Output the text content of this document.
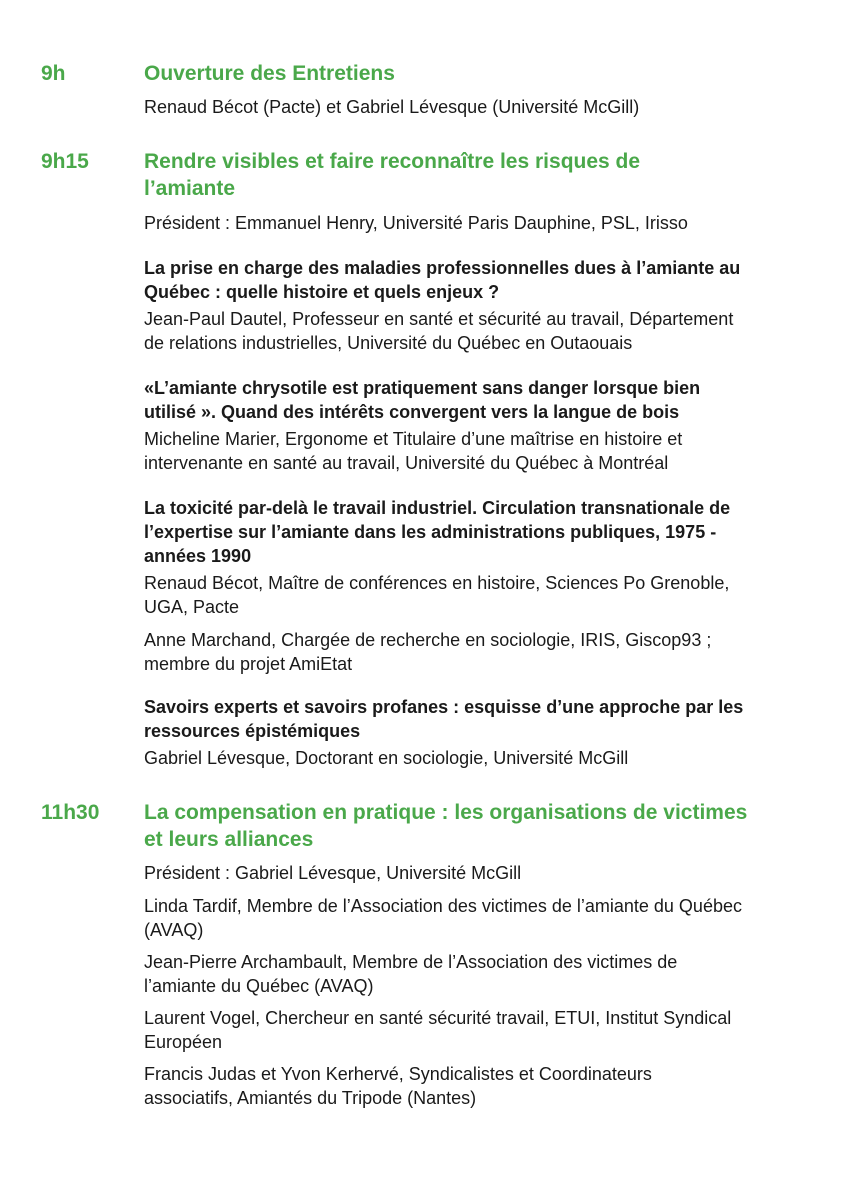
9h	Ouverture des Entretiens
Renaud Bécot (Pacte) et Gabriel Lévesque (Université McGill)
9h15	Rendre visibles et faire reconnaître les risques de
l’amiante
Président : Emmanuel Henry, Université Paris Dauphine, PSL, Irisso
La prise en charge des maladies professionnelles dues à l’amiante au
Québec : quelle histoire et quels enjeux ?
Jean-Paul Dautel, Professeur en santé et sécurité au travail, Département
de relations industrielles, Université du Québec en Outaouais
«L’amiante chrysotile est pratiquement sans danger lorsque bien
utilisé ». Quand des intérêts convergent vers la langue de bois
Micheline Marier, Ergonome et Titulaire d’une maîtrise en histoire et
intervenante en santé au travail, Université du Québec à Montréal
La toxicité par-delà le travail industriel. Circulation transnationale de
l’expertise sur l’amiante dans les administrations publiques, 1975 -
années 1990
Renaud Bécot, Maître de conférences en histoire, Sciences Po Grenoble,
UGA, Pacte
Anne Marchand, Chargée de recherche en sociologie, IRIS, Giscop93 ;
membre du projet AmiEtat
Savoirs experts et savoirs profanes : esquisse d’une approche par les
ressources épistémiques
Gabriel Lévesque, Doctorant en sociologie, Université McGill
11h30 La compensation en pratique : les organisations de victimes
et leurs alliances
Président : Gabriel Lévesque, Université McGill
Linda Tardif, Membre de l’Association des victimes de l’amiante du Québec
(AVAQ)
Jean-Pierre Archambault, Membre de l’Association des victimes de
l’amiante du Québec (AVAQ)
Laurent Vogel, Chercheur en santé sécurité travail, ETUI, Institut Syndical
Européen
Francis Judas et Yvon Kerhervé, Syndicalistes et Coordinateurs
associatifs, Amiantés du Tripode (Nantes)
